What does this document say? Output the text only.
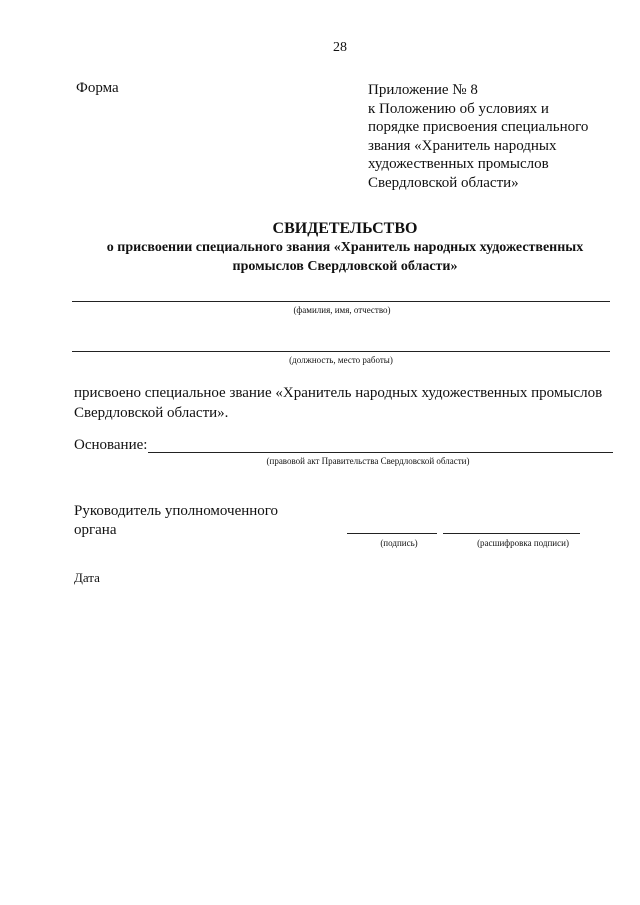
28
Форма	Приложение № 8
к Положению об условиях и
порядке присвоения специального
звания «Хранитель народных
художественных промыслов
Свердловской области»
СВИДЕТЕЛЬСТВО
о присвоении специального звания «Хранитель народных художественных
промыслов Свердловской области»
(фамилия, имя, отчество)
(должность, место работы)
присвоено специальное звание «Хранитель народных художественных промыслов
Свердловской области».
Основание:
(правовой акт Правительства Свердловской области)
Руководитель уполномоченного
органа
(подпись)	(расшифровка подписи)
Дата
